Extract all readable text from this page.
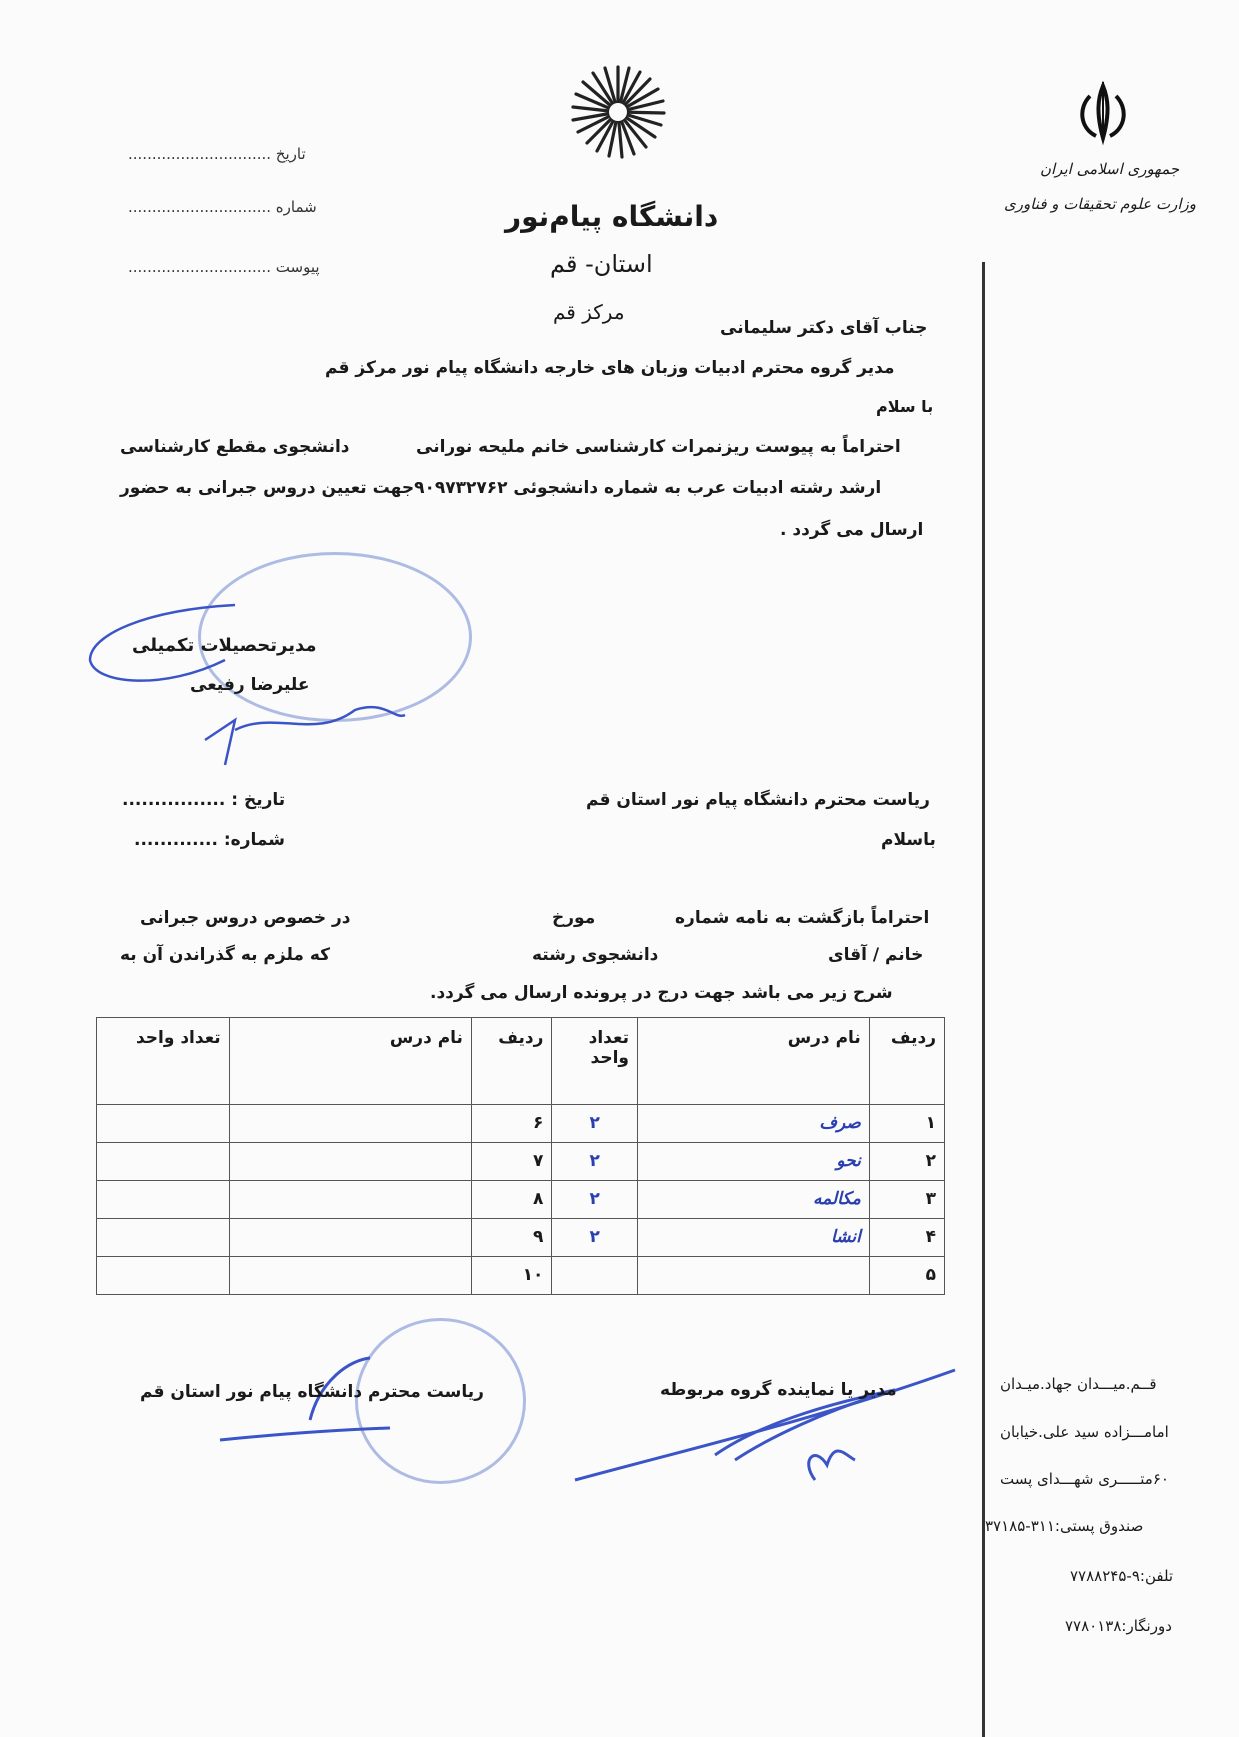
جمهوری اسلامی ایران
وزارت علوم تحقیقات و فناوری
دانشگاه پیام‌نور
استان- قم
مرکز قم
تاریخ ..............................
شماره ..............................
پیوست ..............................
جناب آقای دکتر سلیمانی
مدیر گروه محترم ادبیات وزبان های خارجه دانشگاه پیام نور مرکز قم
با سلام
احتراماً به پیوست ریزنمرات کارشناسی خانم ملیحه نورانی
دانشجوی مقطع کارشناسی
ارشد رشته ادبیات عرب به شماره دانشجوئی ۹۰۹۷۳۲۷۶۲جهت تعیین دروس جبرانی به حضور
ارسال می گردد .
مدیرتحصیلات تکمیلی
علیرضا رفیعی
ریاست محترم دانشگاه پیام نور استان قم
تاریخ : ................
شماره: .............	باسلام
احتراماً بازگشت به نامه شماره
مورخ
در خصوص دروس جبرانی
خانم / آقای
دانشجوی رشته
که ملزم به گذراندن آن به
شرح زیر می باشد جهت درج در پرونده ارسال می گردد.
ردیف	نام درس	تعداد واحد	ردیف	نام درس	تعداد واحد
۱	صرف	۲	۶		
۲	نحو	۲	۷		
۳	مکالمه	۲	۸		
۴	انشا	۲	۹		
۵			۱۰		
ریاست محترم دانشگاه پیام نور استان قم	مدیر یا نماینده گروه مربوطه	قــم.میـــدان جهاد.میـدان
امامـــزاده سید علی.خیابان
۶۰متـــــری شهـــدای پست
صندوق پستی:۳۱۱-۳۷۱۸۵
تلفن:۹-۷۷۸۸۲۴۵
دورنگار:۷۷۸۰۱۳۸
